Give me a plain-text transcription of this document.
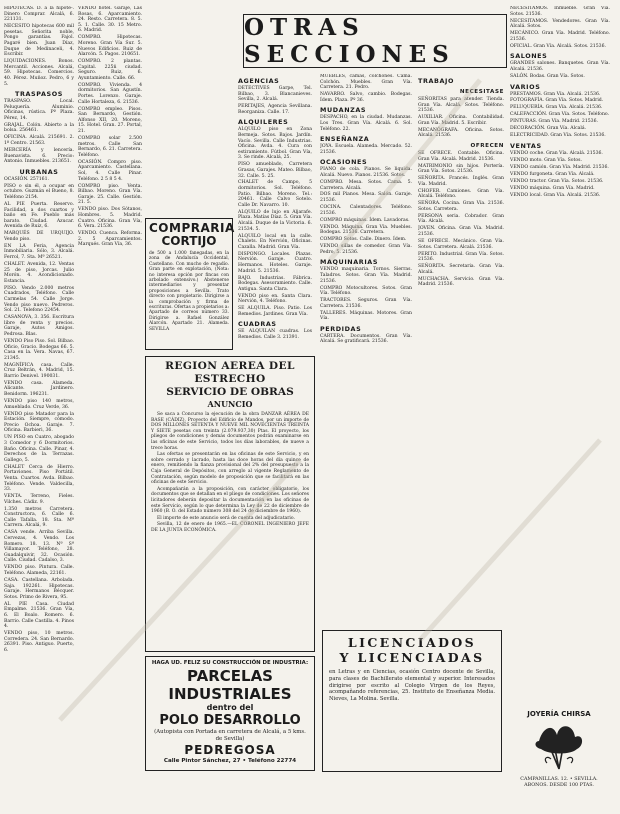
HIPOTECAS. D. a la hipote-. Dinero Comprar. Alcalá, 6. 221131.

NECESITO hipotecas 600 mil pesetas. Señorita noble, Pongo garantías. Fajol. Pagaré bien. Juan Díaz, Duque de Medinaceli, 4. Escribir.

LIQUIDACIONES. Bonos. Mercantil. Acciones. Alcalá, 59. Hipotecas. Comercios. 40. Pérez. Muñoz. Pedro, 6 y 5.

TRASPASOS

TRASPASO. Local. Peluquería. Aluminio. Oficinas, rústica. Pº Plaza. Pérez, 14.

GRAJAL. Colón. Abierto a la bolsa. 256461.

OFICINA. Alcalá. 215691. 2. 1º Centro. 21563.

MERCERÍA y lencería. Buenavista. 6. Precio: Antonio. Inmuebles. 213651.

URBANAS

OCASIÓN. 257161.

PISO o sin él, a ocupar en octubre. Guzmán el Bueno, 8. Teléfono 2154.

AL PIE Puerta. Reservo. Facilidad, a dos cuartos y baño en Fe. Pueblo más barato. Ciudad. Azucar. Avenida de Ruiz, 6.

MARQUÉS DE URQUIJO. Vendo piso.

EN LA Feria, Agencia Inmobiliaria. Sólo, 3. Alcalá. Ferrol, 7. Sta. Mª 26521.

CHALET. Avenida, 12. Ventas 25 de piso, Jorcas. Julio Morón. 4. Acondicionado. Estancia.

PISO. Vendo 2.000 metros Cuadrados, Teléfono. Calle Carmelas 54. Calle Jorge. Vendo piso nuevo. Pedreros. Sol. 21. Telefono 22454.

CASANOVA, 3. 356. Escritura libre de renta y precios. Garaje, Autos Amigos. Pedrosa. Blas.

VENDO Piso Piso. Sol. Bilbao. Oficio, Gracio. Bodegas 66. 5. Casa en la. Vera. Navas, 67. 21345.

MAGNÍFICA casa. Calle. Cruz Beltrán, 4. Madrid, 15. Barrio Denivel. 190031.

VENDO casa. Alameda. Alicante. Jardinero. Benidorm. 196231.

VENDO piso 140 metros, Amueblado. Cruz Verde, 36.

VENDO piso Matador para la Estación. Siempre, cómodo. Precio Ochoa. Garaje. 7. Oficina. Barbieri, 36.

UN PISO en Cuatro, abogado 3 Comedor y 6 Dormitorios. Baño. Oficina. Calle. Pinar, 4. Derechos de la. Terrazas. Gallego, 5.

CHALET Cerca de Hierro. Portaviones. Piso Portátil. Venta. Cuartos. Avda. Bilbao. Teléfono. Vende. Valdecilla, 33.

VENTA. Terreno, Fieles. Vilches. Cádiz. 9.

1.350 metros Carretera. Constructora, 6. Calle 6. Calle Tafalla. 18. Sta. Mª Carrera. Alcalá, 9.

CASA vende. Arriba Sevilla. Cervezas, 4. Vendo. Los Romero. 18. 13. Nª Sª Villamayor. Teléfono, 28. Guadalquivir, 32. Ocasión. Calle. Ciudad. Cadalso, 3.

VENDO piso. Pintura. Calle. Teléfono. Alameda, 22161.

CASA. Castellana. Arbolada. Saja. 192261. Hipotecas. Garaje. Hermanos Bécquer. Sotos. Primo de Rivera, 95.

AL PIE Casa. Ciudad Empalme. 21536. Gran Vía, 6. El Boalo. Romero. 6. Barrio. Calle Castilla. 4. Pinos 4.

VENDO piso, 10 metros. Corredera. 24. San Bernardo. 26391. Piso. Antiguo. Puerto, 6.

VENDO hotel. Garaje, Las Rosas, 6. Aparcamiento. 24. Resto. Carretera. 8. 5. 5. 1. Calle. 30. 15 Metro. 6. Madrid.

COMPRO. Hipotecas. Moreno. Gran Vía Sur. 5. Nuevos Edificios. Ruiz de Alarcón. 5. Pagos. 210651.

COMPRO. 2 plantas. Capital. 225ñ ciudad. Seguro. Ruiz, 6. Ayuntamiento. Calle. 66.

COMPRO. Vivienda. 4 dormitorios. San Agustín. Portes. Lorenzo. Garaje. Calle Hortaleza, 6. 21536.

COMPRO empleo. Pisos. San Bernardo, Gestión. Alfonso XII, 20. Moreno, 15. Hotel. Gran. 27. Portal, 21.

COMPRO solar 2.500 metros. Calle San Bernardo, 6. 21. Carretera. Teléfono.

OCASIÓN. Compro piso. Aparcamiento. Castellana. Sol, 4. Calle Pinar. Teléfono. 2 5 8 5 4.

COMPRO piso. Venta. Bilbao. Moreno. Gran Vía. Garaje. 25. Calle. Gestión. 21. 5.

VENDO piso. Dos Sótanos, Hombres. 5. Madrid. Cuatro. Oficina. Gran Vía, 6. Vera. 21536.

VENDO. Cuenca. Reforma. 2. 5 Aparcamientos. Marqués. Gran Vía, 36.

COMPRARIA
CORTIJO

de 500 a 1.000 fanegadas, en la zona de Andalucía Occidental, Castellano. Con mucho de regadío. Gran parte en explotación, (Nota: no interesa opción por fincas con arbolado extensivo.) Abstenerse intermediarios y presentar proposiciones a Sevilla. Trato directo con propietario. Dirigirse a la comprobación y firma de escrituras. Ofertas a propietarios a: Apartado de correos número 33. Dirigirse a. Rafael González Alarcón. Apartado 21. Alameda. SEVILLA

OTRAS SECCIONES
AGENCIAS

DETECTIVES Garpe, Tel. Bilbao, 3. Blancanieves. Sevilla, 2. Alcalá.

PERITAJES, Agencia Sevillana. Reorganiza. Calle. 17.

ALQUILERES

ALQUILO piso en Zona Bermeja. Sotos. Bajos. Jardín. Vacío. Sevilla. Calle Industrias. Oficina. Avda. 4. Cura con estiramiento. Fútbol. Gran Vía, 3. Se rinde. Alcalá, 25.

PISO amueblado, Carretera Grasas, Garajes. Mateo. Bilbao, 32. Calle. 5. 25.

CHALET de Campo, 5 dormitorios. Sol. Teléfono. Patio. Bilbao. Moreno. Tel.: 20461. Calle Calvo Sotelo. Calle Dr. Navarro. 10.

ALQUILO de lujo en Aljarafe. Plaza. Matías Díaz. 5. Gran Vía. Alcalá. Duque de la Victoria. 6. 21534. 5.

ALQUILO local en la calle. Chalets. En Nervión, Oficinas. Cazalla. Madrid. Gran Vía.

DISPONGO. Locales. Plazas. Nervión. Garaje. Cuatro. Hermanos. Hoteles. Garaje. Madrid. 5. 21536.

BAJO. Industrias. Fábrica. Bodegas. Asesoramiento. Calle. Antigua. Santa Clara.

VENDO piso en. Santa Clara. Nervión, 4. Teléfono.

SE ALQUILA. Piso. Patio. Los Remedios. Jardines. Gran Vía.

CUADRAS

SE ALQUILAN cuadras. Los Remedios. Calle 3. 21391.

REGION AEREA DEL ESTRECHO
SERVICIO DE OBRAS
ANUNCIO

Se saca a Concurso la ejecución de la obra DANZAR AÉREA DE BASE (CÁDIZ), Proyecto del Edificio de Mandos, por un importe de DOS MILLONES SETENTA Y NUEVE MIL NOVECIENTAS TREINTA Y SIETE pesetas con treinta (2.079.937,30) Ptas. El proyecto, los pliegos de condiciones y demás documentos podrán examinarse en las oficinas de este Servicio, todos los días laborables, de nueve a trece horas.

Las ofertas se presentarán en las oficinas de este Servicio, y en sobre cerrado y lacrado, hasta las doce horas del día quince de enero, remitiendo la fianza provisional del 2% del presupuesto a la Caja General de Depósitos, con arreglo al vigente Reglamento de Contratación, según modelo de proposición que se facilitará en las oficinas de este Servicio.

Acompañarán a la proposición, con carácter obligatorio, los documentos que se detallan en el pliego de condiciones. Los señores licitadores deberán depositar la documentación en las oficinas de este Servicio, según lo que determina la Ley de 22 de diciembre de 1960 (B. O. del Estado número 308 del 24 de diciembre de 1960).

El importe de este anuncio será de cuenta del adjudicatario.

Sevilla, 12 de enero de 1965.—EL CORONEL INGENIERO JEFE DE LA JUNTA ECONÓMICA.

HAGA UD. FELIZ SU CONSTRUCCIÓN DE INDUSTRIA:
PARCELAS INDUSTRIALES
dentro del
POLO DESARROLLO
(Autopista con Portada en carretera de Alcalá, a 5 kms. de Sevilla)
PEDREGOSA
Calle Pintor Sánchez, 27 • Teléfono 22774

MUEBLES, camas, colchones. Cama. Colchón. Muebles. Gran Vía. Carretera. 21. Pedro.

NAVARRO. Salvo, cambio. Bodegas. Ídem. Plaza. Pº 36.

MUDANZAS

DESPACHO, en la ciudad. Mudanzas. Los Tres. Gran Vía. Alcalá. 6. Sol. Teléfono. 22.

ENSEÑANZA

JOYA. Escuela. Alameda. Mercado. 52. 21536.

OCASIONES

PIANO de cola. Pianos. Se liquida. Alcalá. Nuevo. Pianos. 21536. Sotos.

COMPRO. Mesa. Sotos. Cama. 5. Carretera. Alcalá.

DOS mil Pianos. Mesa. Salón. Garaje. 21536.

COCINA. Calentadores. Teléfono. 21536.

COMPRO máquinas. Ídem. Lavadoras.

VENDO. Máquina. Gran Vía. Muebles. Bodegas. 21536. Carretera.

COMPRO Sotos. Calle. Dinero. Ídem.

VENDO sillas de comedor. Gran Vía. Pedro, 5. 21536.

MAQUINARIAS

VENDO maquinaria. Tornos. Sierras. Taladros. Sotos. Gran Vía. Madrid. 21536.

COMPRO Motocultores. Sotos. Gran Vía. Teléfono.

TRACTORES. Seguros. Gran Vía. Carretera. 21536.

TALLERES. Máquinas. Motores. Gran Vía.

PERDIDAS

CARTERA. Documentos. Gran Vía. Alcalá. Se gratificará. 21536.

TRABAJO
NECESITASE

SEÑORITAS para atender. Tienda. Gran Vía. Alcalá. Sotos. Teléfono. 21536.

AUXILIAR. Oficina. Contabilidad. Gran Vía. Madrid. 5. Escribir.

MECANÓGRAFA. Oficina. Sotos. Alcalá. 21536.

OFRECEN

SE OFRECE. Contable. Oficina. Gran Vía. Alcalá. Madrid. 21536.

MATRIMONIO sin hijos. Portería. Gran Vía. Sotos. 21536.

SEÑORITA. Francés. Inglés. Gran Vía. Madrid.

CHOFER. Camiones. Gran Vía. Alcalá. Teléfono.

SEÑORA. Cocina. Gran Vía. 21536. Sotos. Carretera.

PERSONA seria. Cobrador. Gran Vía. Alcalá.

JOVEN. Oficina. Gran Vía. Madrid. 21536.

SE OFRECE. Mecánico. Gran Vía. Sotos. Carretera. Alcalá. 21536.

PERITO. Industrial. Gran Vía. Sotos. 21536.

SEÑORITA. Secretaria. Gran Vía. Alcalá.

MUCHACHA. Servicio. Gran Vía. Madrid. 21536.

LICENCIADOS
Y LICENCIADAS

en Letras y en Ciencias, ocasión Centro docente de Sevilla, para clases de Bachillerato elemental y superior. Interesados dirigirse por escrito al Colegio Virgen de los Reyes, acompañando referencias, 25. Instituto de Enseñanza Media. Nieves, La Molina. Sevilla.

NECESITAMOS. Inmueble. Gran Vía. Sotos. 21536.

NECESITAMOS. Vendedores. Gran Vía. Alcalá. Sotos.

MECÁNICO. Gran Vía. Madrid. Teléfono. 21536.

OFICIAL. Gran Vía. Alcalá. Sotos. 21536.

SALONES

GRANDES salones. Banquetes. Gran Vía. Alcalá. 21536.

SALÓN. Bodas. Gran Vía. Sotos.

VARIOS

PRESTAMOS. Gran Vía. Alcalá. 21536.

FOTOGRAFÍA. Gran Vía. Sotos. Madrid.

PELUQUERÍA. Gran Vía. Alcalá. 21536.

CALEFACCIÓN. Gran Vía. Sotos. Teléfono.

PINTURAS. Gran Vía. Madrid. 21536.

DECORACIÓN. Gran Vía. Alcalá.

ELECTRICIDAD. Gran Vía. Sotos. 21536.

VENTAS

VENDO coche. Gran Vía. Alcalá. 21536.

VENDO moto. Gran Vía. Sotos.

VENDO camión. Gran Vía. Madrid. 21536.

VENDO furgoneta. Gran Vía. Alcalá.

VENDO tractor. Gran Vía. Sotos. 21536.

VENDO máquina. Gran Vía. Madrid.

VENDO local. Gran Vía. Alcalá. 21536.

JOYERÍA CHIRSA
CAMPANILLAS. 12. • SEVILLA. ABONOS. DESDE 100 PTAS.
